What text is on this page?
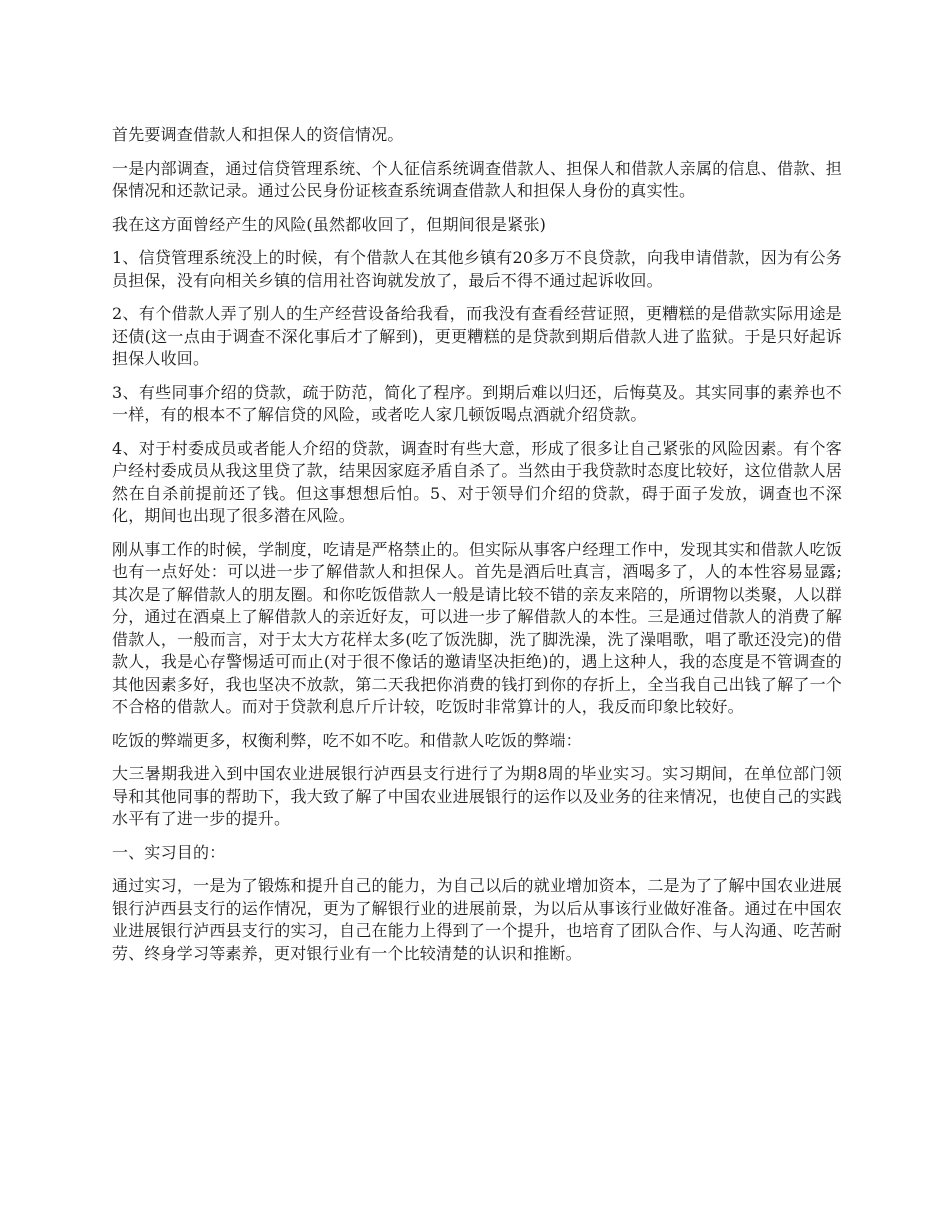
首先要调查借款人和担保人的资信情况。

一是内部调查，通过信贷管理系统、个人征信系统调查借款人、担保人和借款人亲属的信息、借款、担保情况和还款记录。通过公民身份证核查系统调查借款人和担保人身份的真实性。

我在这方面曾经产生的风险(虽然都收回了，但期间很是紧张)

1、信贷管理系统没上的时候，有个借款人在其他乡镇有20多万不良贷款，向我申请借款，因为有公务员担保，没有向相关乡镇的信用社咨询就发放了，最后不得不通过起诉收回。

2、有个借款人弄了别人的生产经营设备给我看，而我没有查看经营证照，更糟糕的是借款实际用途是还债(这一点由于调查不深化事后才了解到)，更更糟糕的是贷款到期后借款人进了监狱。于是只好起诉担保人收回。

3、有些同事介绍的贷款，疏于防范，简化了程序。到期后难以归还，后悔莫及。其实同事的素养也不一样，有的根本不了解信贷的风险，或者吃人家几顿饭喝点酒就介绍贷款。

4、对于村委成员或者能人介绍的贷款，调查时有些大意，形成了很多让自己紧张的风险因素。有个客户经村委成员从我这里贷了款，结果因家庭矛盾自杀了。当然由于我贷款时态度比较好，这位借款人居然在自杀前提前还了钱。但这事想想后怕。5、对于领导们介绍的贷款，碍于面子发放，调查也不深化，期间也出现了很多潜在风险。

刚从事工作的时候，学制度，吃请是严格禁止的。但实际从事客户经理工作中，发现其实和借款人吃饭也有一点好处：可以进一步了解借款人和担保人。首先是酒后吐真言，酒喝多了，人的本性容易显露;其次是了解借款人的朋友圈。和你吃饭借款人一般是请比较不错的亲友来陪的，所谓物以类聚，人以群分，通过在酒桌上了解借款人的亲近好友，可以进一步了解借款人的本性。三是通过借款人的消费了解借款人，一般而言，对于太大方花样太多(吃了饭洗脚，洗了脚洗澡，洗了澡唱歌，唱了歌还没完)的借款人，我是心存警惕适可而止(对于很不像话的邀请坚决拒绝)的，遇上这种人，我的态度是不管调查的其他因素多好，我也坚决不放款，第二天我把你消费的钱打到你的存折上，全当我自己出钱了解了一个不合格的借款人。而对于贷款利息斤斤计较，吃饭时非常算计的人，我反而印象比较好。

吃饭的弊端更多，权衡利弊，吃不如不吃。和借款人吃饭的弊端：

大三暑期我进入到中国农业进展银行泸西县支行进行了为期8周的毕业实习。实习期间，在单位部门领导和其他同事的帮助下，我大致了解了中国农业进展银行的运作以及业务的往来情况，也使自己的实践水平有了进一步的提升。

一、实习目的：

通过实习，一是为了锻炼和提升自己的能力，为自己以后的就业增加资本，二是为了了解中国农业进展银行泸西县支行的运作情况，更为了解银行业的进展前景，为以后从事该行业做好准备。通过在中国农业进展银行泸西县支行的实习，自己在能力上得到了一个提升，也培育了团队合作、与人沟通、吃苦耐劳、终身学习等素养，更对银行业有一个比较清楚的认识和推断。
